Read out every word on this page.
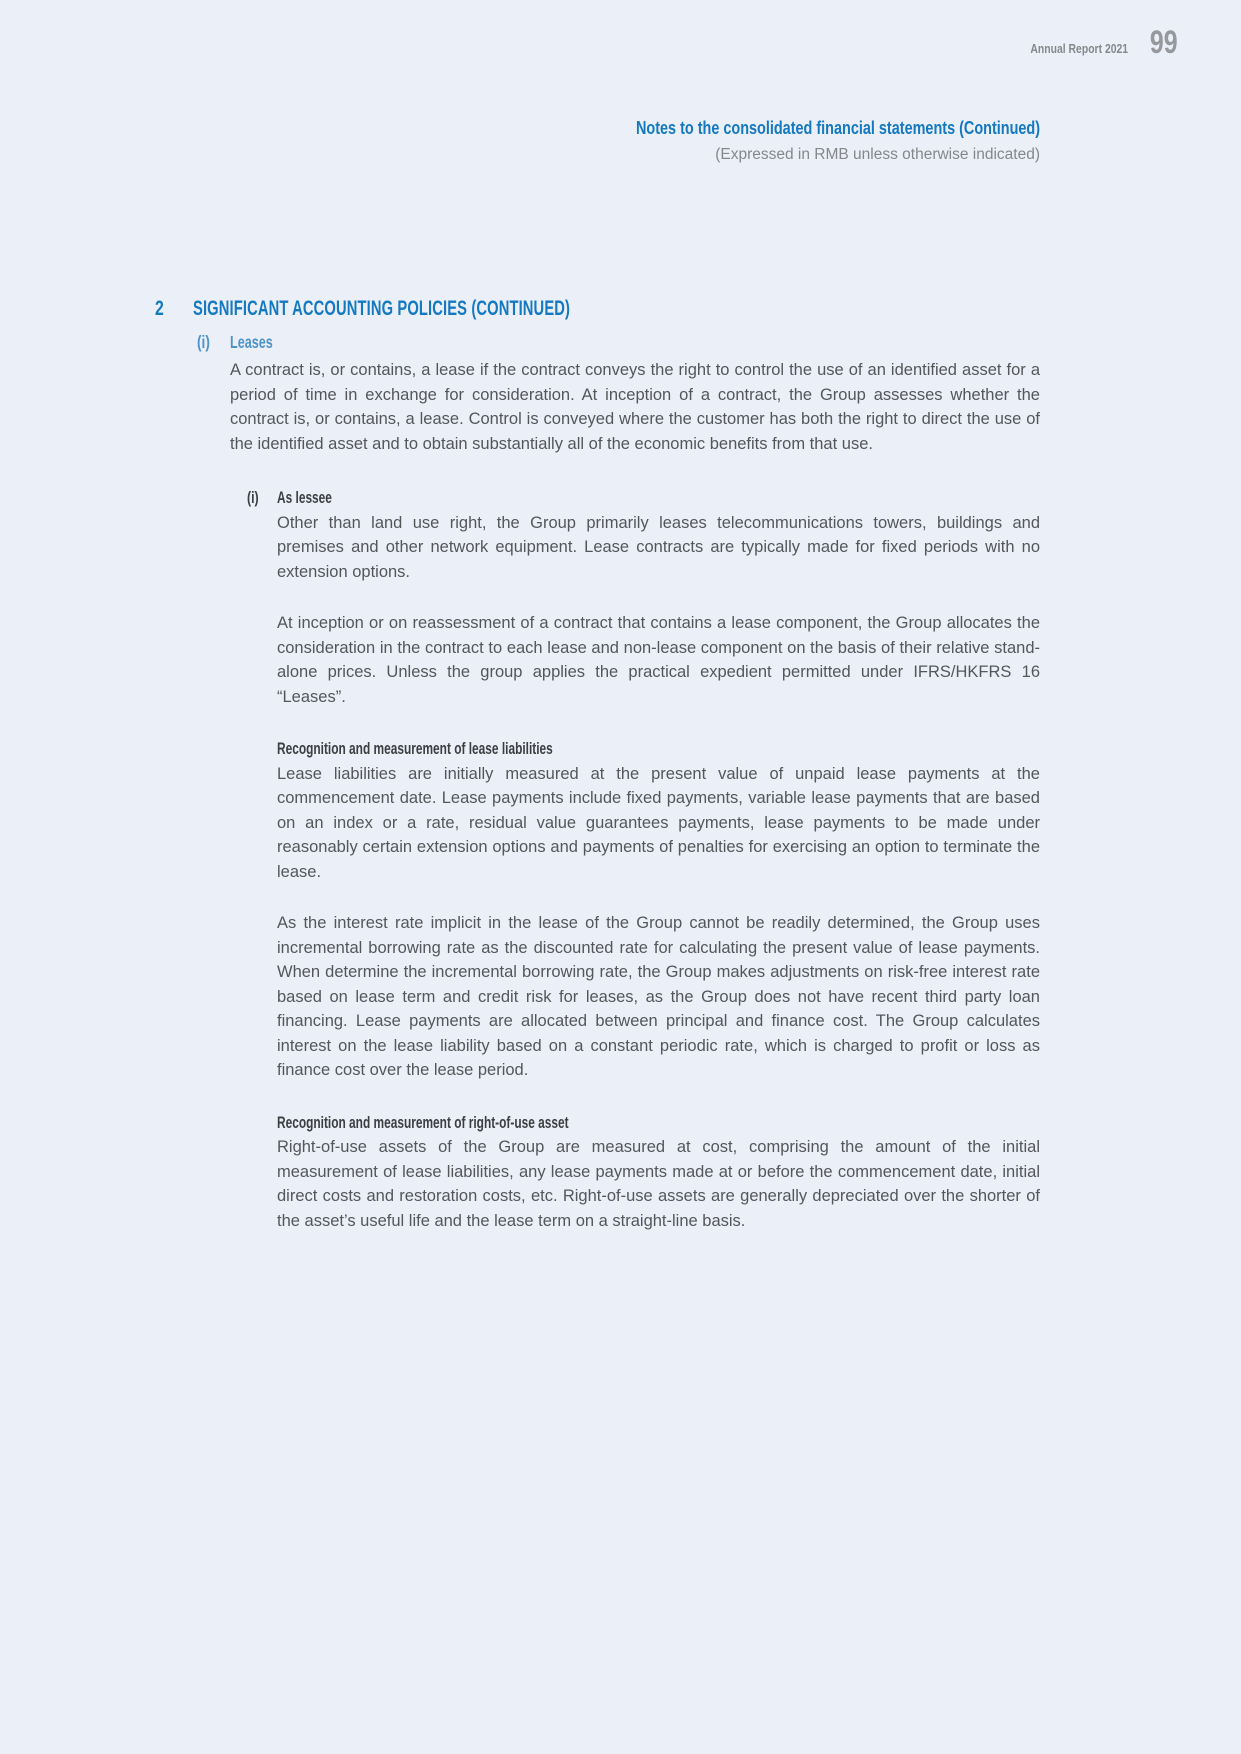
Annual Report 2021 99
Notes to the consolidated financial statements (Continued)
(Expressed in RMB unless otherwise indicated)
2	SIGNIFICANT ACCOUNTING POLICIES (CONTINUED)
(i) Leases

A contract is, or contains, a lease if the contract conveys the right to control the use of an identified asset for a period of time in exchange for consideration. At inception of a contract, the Group assesses whether the contract is, or contains, a lease. Control is conveyed where the customer has both the right to direct the use of the identified asset and to obtain substantially all of the economic benefits from that use.

(i) As lessee

Other than land use right, the Group primarily leases telecommunications towers, buildings and premises and other network equipment. Lease contracts are typically made for fixed periods with no extension options.

At inception or on reassessment of a contract that contains a lease component, the Group allocates the consideration in the contract to each lease and non-lease component on the basis of their relative stand-alone prices. Unless the group applies the practical expedient permitted under IFRS/HKFRS 16 “Leases”.

Recognition and measurement of lease liabilities

Lease liabilities are initially measured at the present value of unpaid lease payments at the commencement date. Lease payments include fixed payments, variable lease payments that are based on an index or a rate, residual value guarantees payments, lease payments to be made under reasonably certain extension options and payments of penalties for exercising an option to terminate the lease.

As the interest rate implicit in the lease of the Group cannot be readily determined, the Group uses incremental borrowing rate as the discounted rate for calculating the present value of lease payments. When determine the incremental borrowing rate, the Group makes adjustments on risk-free interest rate based on lease term and credit risk for leases, as the Group does not have recent third party loan financing. Lease payments are allocated between principal and finance cost. The Group calculates interest on the lease liability based on a constant periodic rate, which is charged to profit or loss as finance cost over the lease period.

Recognition and measurement of right-of-use asset

Right-of-use assets of the Group are measured at cost, comprising the amount of the initial measurement of lease liabilities, any lease payments made at or before the commencement date, initial direct costs and restoration costs, etc. Right-of-use assets are generally depreciated over the shorter of the asset’s useful life and the lease term on a straight-line basis.
